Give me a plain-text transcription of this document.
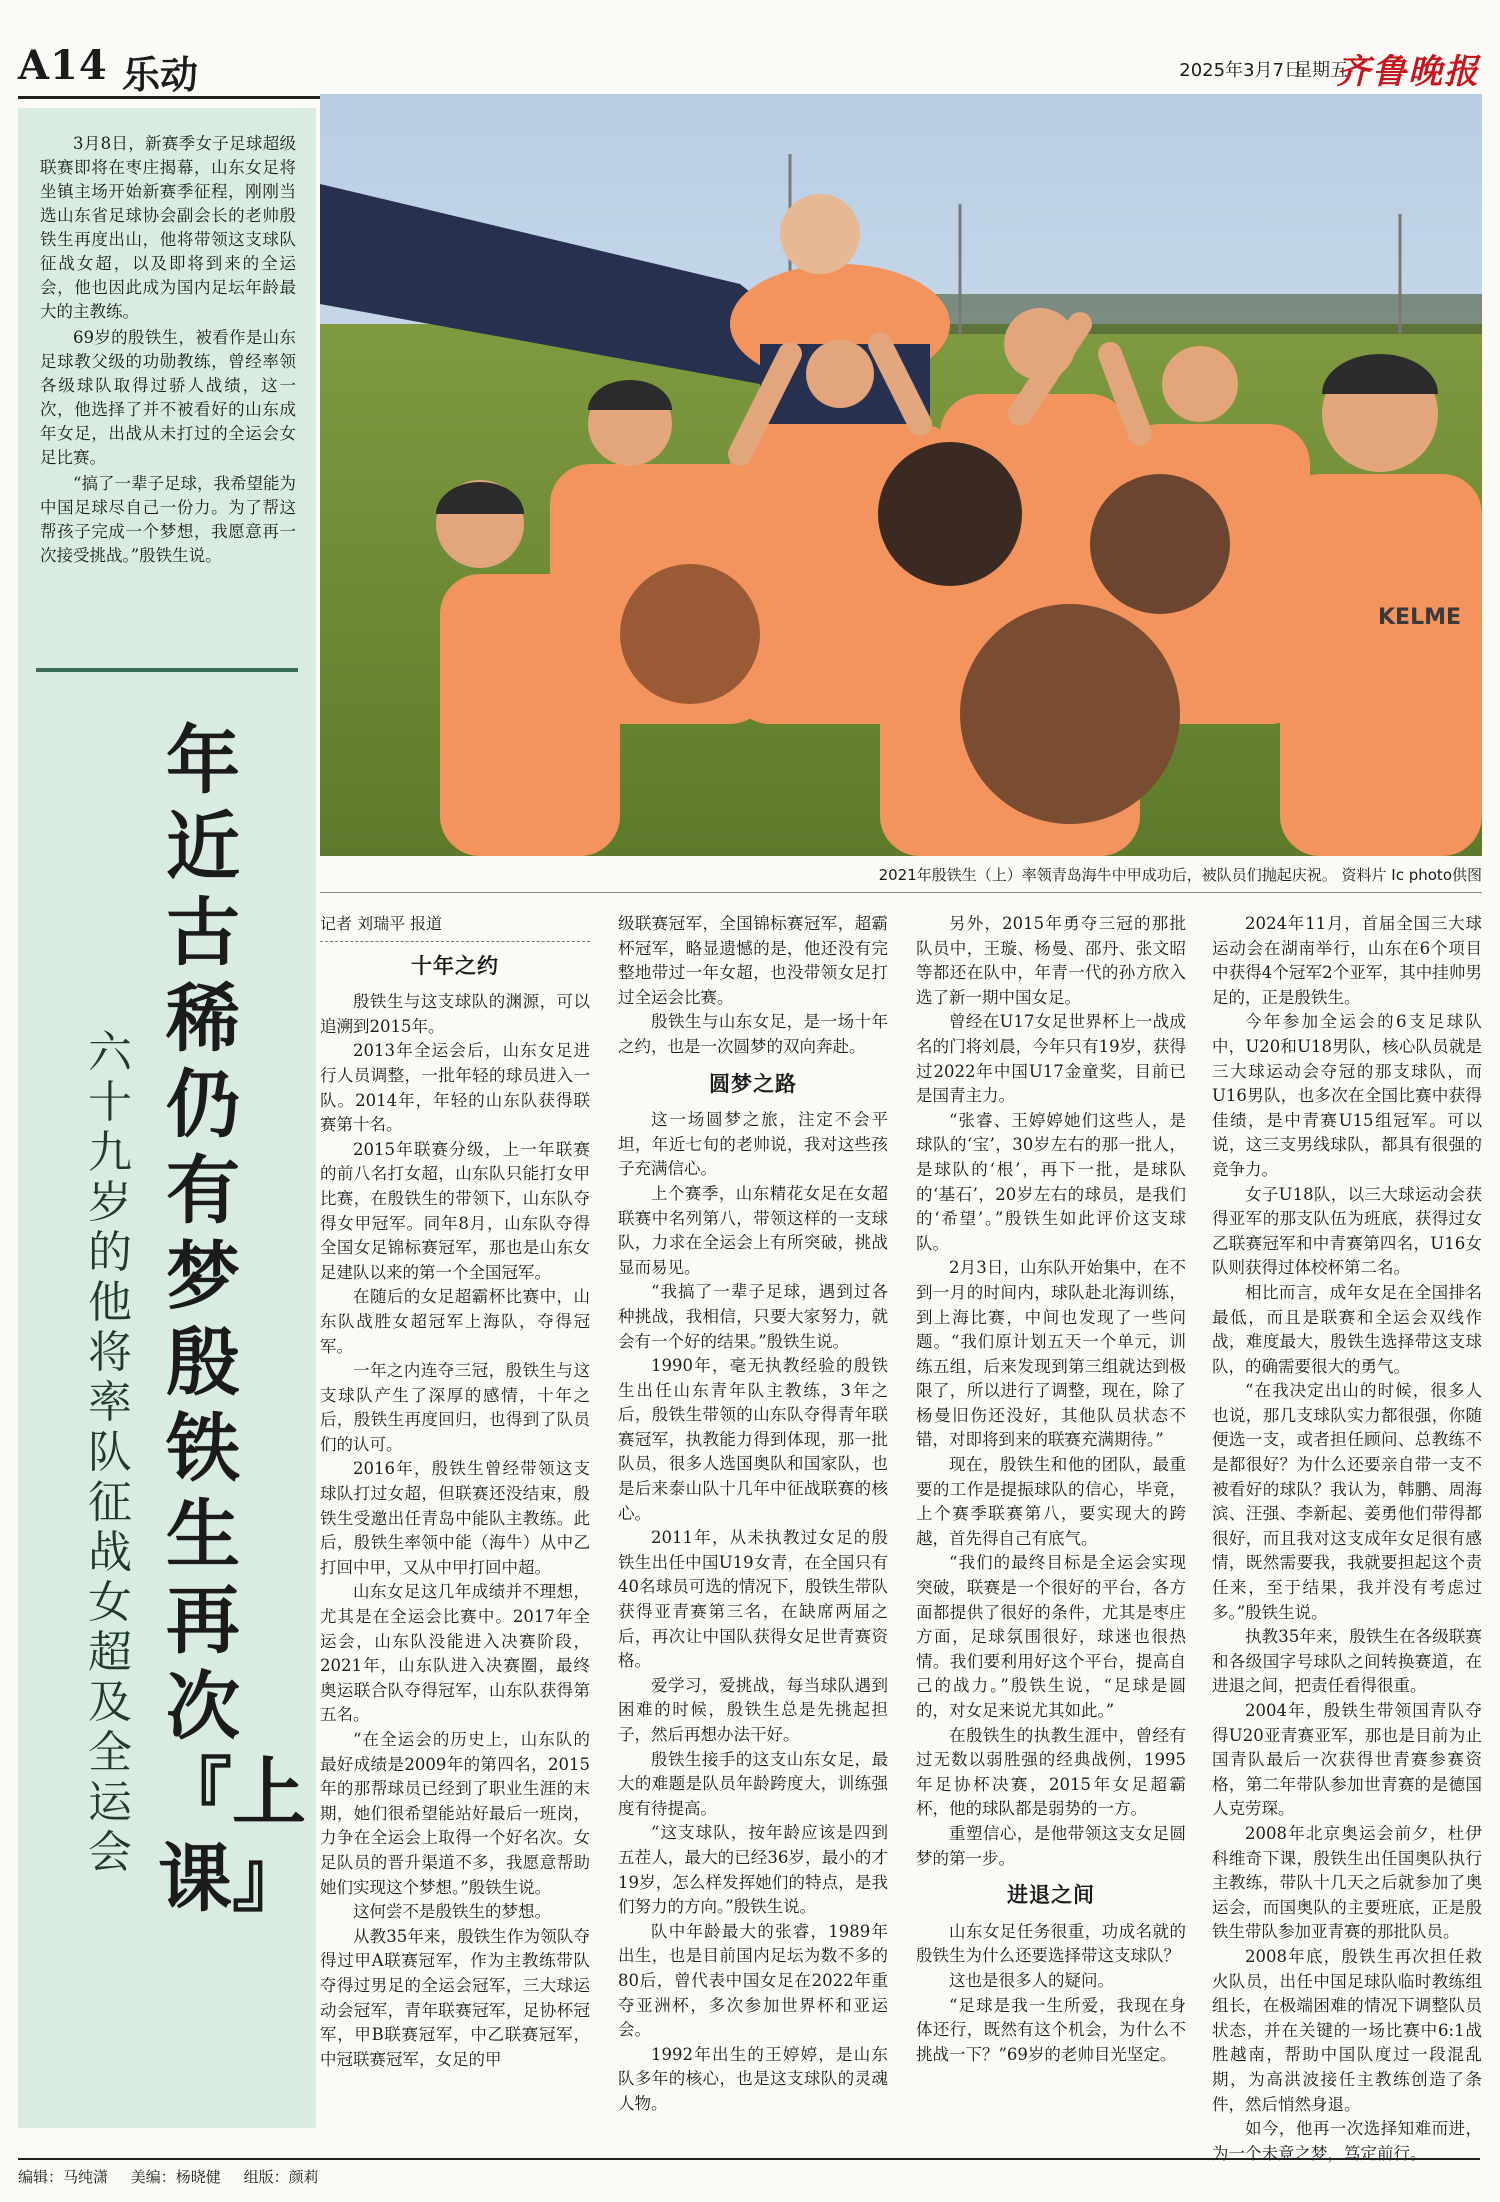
A14 乐动	2025年3月7日
星期五
齐鲁晚报

3月8日，新赛季女子足球超级联赛即将在枣庄揭幕，山东女足将坐镇主场开始新赛季征程，刚刚当选山东省足球协会副会长的老帅殷铁生再度出山，他将带领这支球队征战女超，以及即将到来的全运会，他也因此成为国内足坛年龄最大的主教练。

69岁的殷铁生，被看作是山东足球教父级的功勋教练，曾经率领各级球队取得过骄人战绩，这一次，他选择了并不被看好的山东成年女足，出战从未打过的全运会女足比赛。

“搞了一辈子足球，我希望能为中国足球尽自己一份力。为了帮这帮孩子完成一个梦想，我愿意再一次接受挑战。”殷铁生说。

年近古稀仍有梦 殷铁生再次『上课』
六十九岁的他将率队征战女超及全运会
KELME
2021年殷铁生（上）率领青岛海牛中甲成功后，被队员们抛起庆祝。 资料片 Ic photo供图
记者 刘瑞平 报道
十年之约

殷铁生与这支球队的渊源，可以追溯到2015年。

2013年全运会后，山东女足进行人员调整，一批年轻的球员进入一队。2014年，年轻的山东队获得联赛第十名。

2015年联赛分级，上一年联赛的前八名打女超，山东队只能打女甲比赛，在殷铁生的带领下，山东队夺得女甲冠军。同年8月，山东队夺得全国女足锦标赛冠军，那也是山东女足建队以来的第一个全国冠军。

在随后的女足超霸杯比赛中，山东队战胜女超冠军上海队，夺得冠军。

一年之内连夺三冠，殷铁生与这支球队产生了深厚的感情，十年之后，殷铁生再度回归，也得到了队员们的认可。

2016年，殷铁生曾经带领这支球队打过女超，但联赛还没结束，殷铁生受邀出任青岛中能队主教练。此后，殷铁生率领中能（海牛）从中乙打回中甲，又从中甲打回中超。

山东女足这几年成绩并不理想，尤其是在全运会比赛中。2017年全运会，山东队没能进入决赛阶段，2021年，山东队进入决赛圈，最终奥运联合队夺得冠军，山东队获得第五名。

“在全运会的历史上，山东队的最好成绩是2009年的第四名，2015年的那帮球员已经到了职业生涯的末期，她们很希望能站好最后一班岗，力争在全运会上取得一个好名次。女足队员的晋升渠道不多，我愿意帮助她们实现这个梦想。”殷铁生说。

这何尝不是殷铁生的梦想。

从教35年来，殷铁生作为领队夺得过甲A联赛冠军，作为主教练带队夺得过男足的全运会冠军，三大球运动会冠军，青年联赛冠军，足协杯冠军，甲B联赛冠军，中乙联赛冠军，中冠联赛冠军，女足的甲

级联赛冠军，全国锦标赛冠军，超霸杯冠军，略显遗憾的是，他还没有完整地带过一年女超，也没带领女足打过全运会比赛。

殷铁生与山东女足，是一场十年之约，也是一次圆梦的双向奔赴。

圆梦之路

这一场圆梦之旅，注定不会平坦，年近七旬的老帅说，我对这些孩子充满信心。

上个赛季，山东精花女足在女超联赛中名列第八，带领这样的一支球队，力求在全运会上有所突破，挑战显而易见。

“我搞了一辈子足球，遇到过各种挑战，我相信，只要大家努力，就会有一个好的结果。”殷铁生说。

1990年，毫无执教经验的殷铁生出任山东青年队主教练，3年之后，殷铁生带领的山东队夺得青年联赛冠军，执教能力得到体现，那一批队员，很多人选国奥队和国家队，也是后来泰山队十几年中征战联赛的核心。

2011年，从未执教过女足的殷铁生出任中国U19女青，在全国只有40名球员可选的情况下，殷铁生带队获得亚青赛第三名，在缺席两届之后，再次让中国队获得女足世青赛资格。

爱学习，爱挑战，每当球队遇到困难的时候，殷铁生总是先挑起担子，然后再想办法干好。

殷铁生接手的这支山东女足，最大的难题是队员年龄跨度大，训练强度有待提高。

“这支球队，按年龄应该是四到五茬人，最大的已经36岁，最小的才19岁，怎么样发挥她们的特点，是我们努力的方向。”殷铁生说。

队中年龄最大的张睿，1989年出生，也是目前国内足坛为数不多的80后，曾代表中国女足在2022年重夺亚洲杯，多次参加世界杯和亚运会。

1992年出生的王婷婷，是山东队多年的核心，也是这支球队的灵魂人物。

另外，2015年勇夺三冠的那批队员中，王璇、杨曼、邵丹、张文昭等都还在队中，年青一代的孙方欣入选了新一期中国女足。

曾经在U17女足世界杯上一战成名的门将刘晨，今年只有19岁，获得过2022年中国U17金童奖，目前已是国青主力。

“张睿、王婷婷她们这些人，是球队的‘宝’，30岁左右的那一批人，是球队的‘根’，再下一批，是球队的‘基石’，20岁左右的球员，是我们的‘希望’。”殷铁生如此评价这支球队。

2月3日，山东队开始集中，在不到一月的时间内，球队赴北海训练，到上海比赛，中间也发现了一些问题。“我们原计划五天一个单元，训练五组，后来发现到第三组就达到极限了，所以进行了调整，现在，除了杨曼旧伤还没好，其他队员状态不错，对即将到来的联赛充满期待。”

现在，殷铁生和他的团队，最重要的工作是提振球队的信心，毕竟，上个赛季联赛第八，要实现大的跨越，首先得自己有底气。

“我们的最终目标是全运会实现突破，联赛是一个很好的平台，各方面都提供了很好的条件，尤其是枣庄方面，足球氛围很好，球迷也很热情。我们要利用好这个平台，提高自己的战力。”殷铁生说，“足球是圆的，对女足来说尤其如此。”

在殷铁生的执教生涯中，曾经有过无数以弱胜强的经典战例，1995年足协杯决赛，2015年女足超霸杯，他的球队都是弱势的一方。

重塑信心，是他带领这支女足圆梦的第一步。

进退之间

山东女足任务很重，功成名就的殷铁生为什么还要选择带这支球队？

这也是很多人的疑问。

“足球是我一生所爱，我现在身体还行，既然有这个机会，为什么不挑战一下？”69岁的老帅目光坚定。

2024年11月，首届全国三大球运动会在湖南举行，山东在6个项目中获得4个冠军2个亚军，其中挂帅男足的，正是殷铁生。

今年参加全运会的6支足球队中，U20和U18男队，核心队员就是三大球运动会夺冠的那支球队，而U16男队，也多次在全国比赛中获得佳绩，是中青赛U15组冠军。可以说，这三支男线球队，都具有很强的竞争力。

女子U18队，以三大球运动会获得亚军的那支队伍为班底，获得过女乙联赛冠军和中青赛第四名，U16女队则获得过体校杯第二名。

相比而言，成年女足在全国排名最低，而且是联赛和全运会双线作战，难度最大，殷铁生选择带这支球队，的确需要很大的勇气。

“在我决定出山的时候，很多人也说，那几支球队实力都很强，你随便选一支，或者担任顾问、总教练不是都很好？为什么还要亲自带一支不被看好的球队？我认为，韩鹏、周海滨、汪强、李新起、姜勇他们带得都很好，而且我对这支成年女足很有感情，既然需要我，我就要担起这个责任来，至于结果，我并没有考虑过多。”殷铁生说。

执教35年来，殷铁生在各级联赛和各级国字号球队之间转换赛道，在进退之间，把责任看得很重。

2004年，殷铁生带领国青队夺得U20亚青赛亚军，那也是目前为止国青队最后一次获得世青赛参赛资格，第二年带队参加世青赛的是德国人克劳琛。

2008年北京奥运会前夕，杜伊科维奇下课，殷铁生出任国奥队执行主教练，带队十几天之后就参加了奥运会，而国奥队的主要班底，正是殷铁生带队参加亚青赛的那批队员。

2008年底，殷铁生再次担任救火队员，出任中国足球队临时教练组组长，在极端困难的情况下调整队员状态，并在关键的一场比赛中6:1战胜越南，帮助中国队度过一段混乱期，为高洪波接任主教练创造了条件，然后悄然身退。

如今，他再一次选择知难而进，为一个未竟之梦，笃定前行。

编辑：马纯潇 美编：杨晓健 组版：颜莉
